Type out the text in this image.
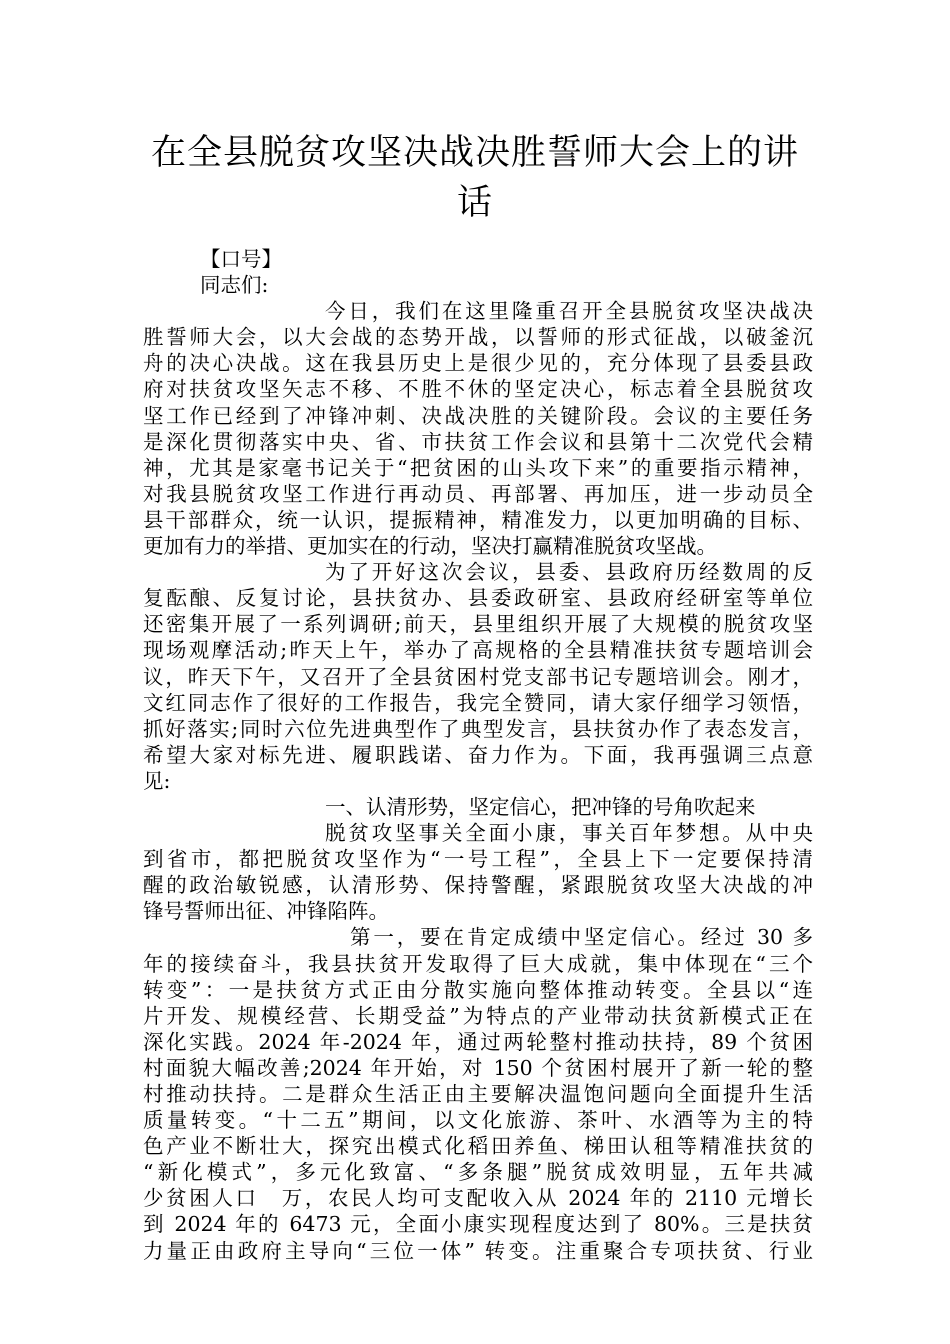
在全县脱贫攻坚决战决胜誓师大会上的讲
话
【口号】
同志们:
今日，我们在这里隆重召开全县脱贫攻坚决战决
胜誓师大会，以大会战的态势开战，以誓师的形式征战，以破釜沉
舟的决心决战。这在我县历史上是很少见的，充分体现了县委县政
府对扶贫攻坚矢志不移、不胜不休的坚定决心，标志着全县脱贫攻
坚工作已经到了冲锋冲刺、决战决胜的关键阶段。会议的主要任务
是深化贯彻落实中央、省、市扶贫工作会议和县第十二次党代会精
神，尤其是家毫书记关于“把贫困的山头攻下来”的重要指示精神，
对我县脱贫攻坚工作进行再动员、再部署、再加压，进一步动员全
县干部群众，统一认识，提振精神，精准发力，以更加明确的目标、
更加有力的举措、更加实在的行动，坚决打赢精准脱贫攻坚战。
为了开好这次会议，县委、县政府历经数周的反
复酝酿、反复讨论，县扶贫办、县委政研室、县政府经研室等单位
还密集开展了一系列调研;前天，县里组织开展了大规模的脱贫攻坚
现场观摩活动;昨天上午，举办了高规格的全县精准扶贫专题培训会
议，昨天下午，又召开了全县贫困村党支部书记专题培训会。刚才，
文红同志作了很好的工作报告，我完全赞同，请大家仔细学习领悟，
抓好落实;同时六位先进典型作了典型发言，县扶贫办作了表态发言，
希望大家对标先进、履职践诺、奋力作为。下面，我再强调三点意
见:
一、认清形势，坚定信心，把冲锋的号角吹起来
脱贫攻坚事关全面小康，事关百年梦想。从中央
到省市，都把脱贫攻坚作为“一号工程”，全县上下一定要保持清
醒的政治敏锐感，认清形势、保持警醒，紧跟脱贫攻坚大决战的冲
锋号誓师出征、冲锋陷阵。
第一，要在肯定成绩中坚定信心。经过 30 多
年的接续奋斗，我县扶贫开发取得了巨大成就，集中体现在“三个
转变”：一是扶贫方式正由分散实施向整体推动转变。全县以“连
片开发、规模经营、长期受益”为特点的产业带动扶贫新模式正在
深化实践。2024 年-2024 年，通过两轮整村推动扶持，89 个贫困
村面貌大幅改善;2024 年开始，对 150 个贫困村展开了新一轮的整
村推动扶持。二是群众生活正由主要解决温饱问题向全面提升生活
质量转变。“十二五”期间，以文化旅游、茶叶、水酒等为主的特
色产业不断壮大，探究出模式化稻田养鱼、梯田认租等精准扶贫的
“新化模式”，多元化致富、“多条腿”脱贫成效明显，五年共减
少贫困人口　万，农民人均可支配收入从 2024 年的 2110 元增长
到 2024 年的 6473 元，全面小康实现程度达到了 80%。三是扶贫
力量正由政府主导向“三位一体” 转变。注重聚合专项扶贫、行业
